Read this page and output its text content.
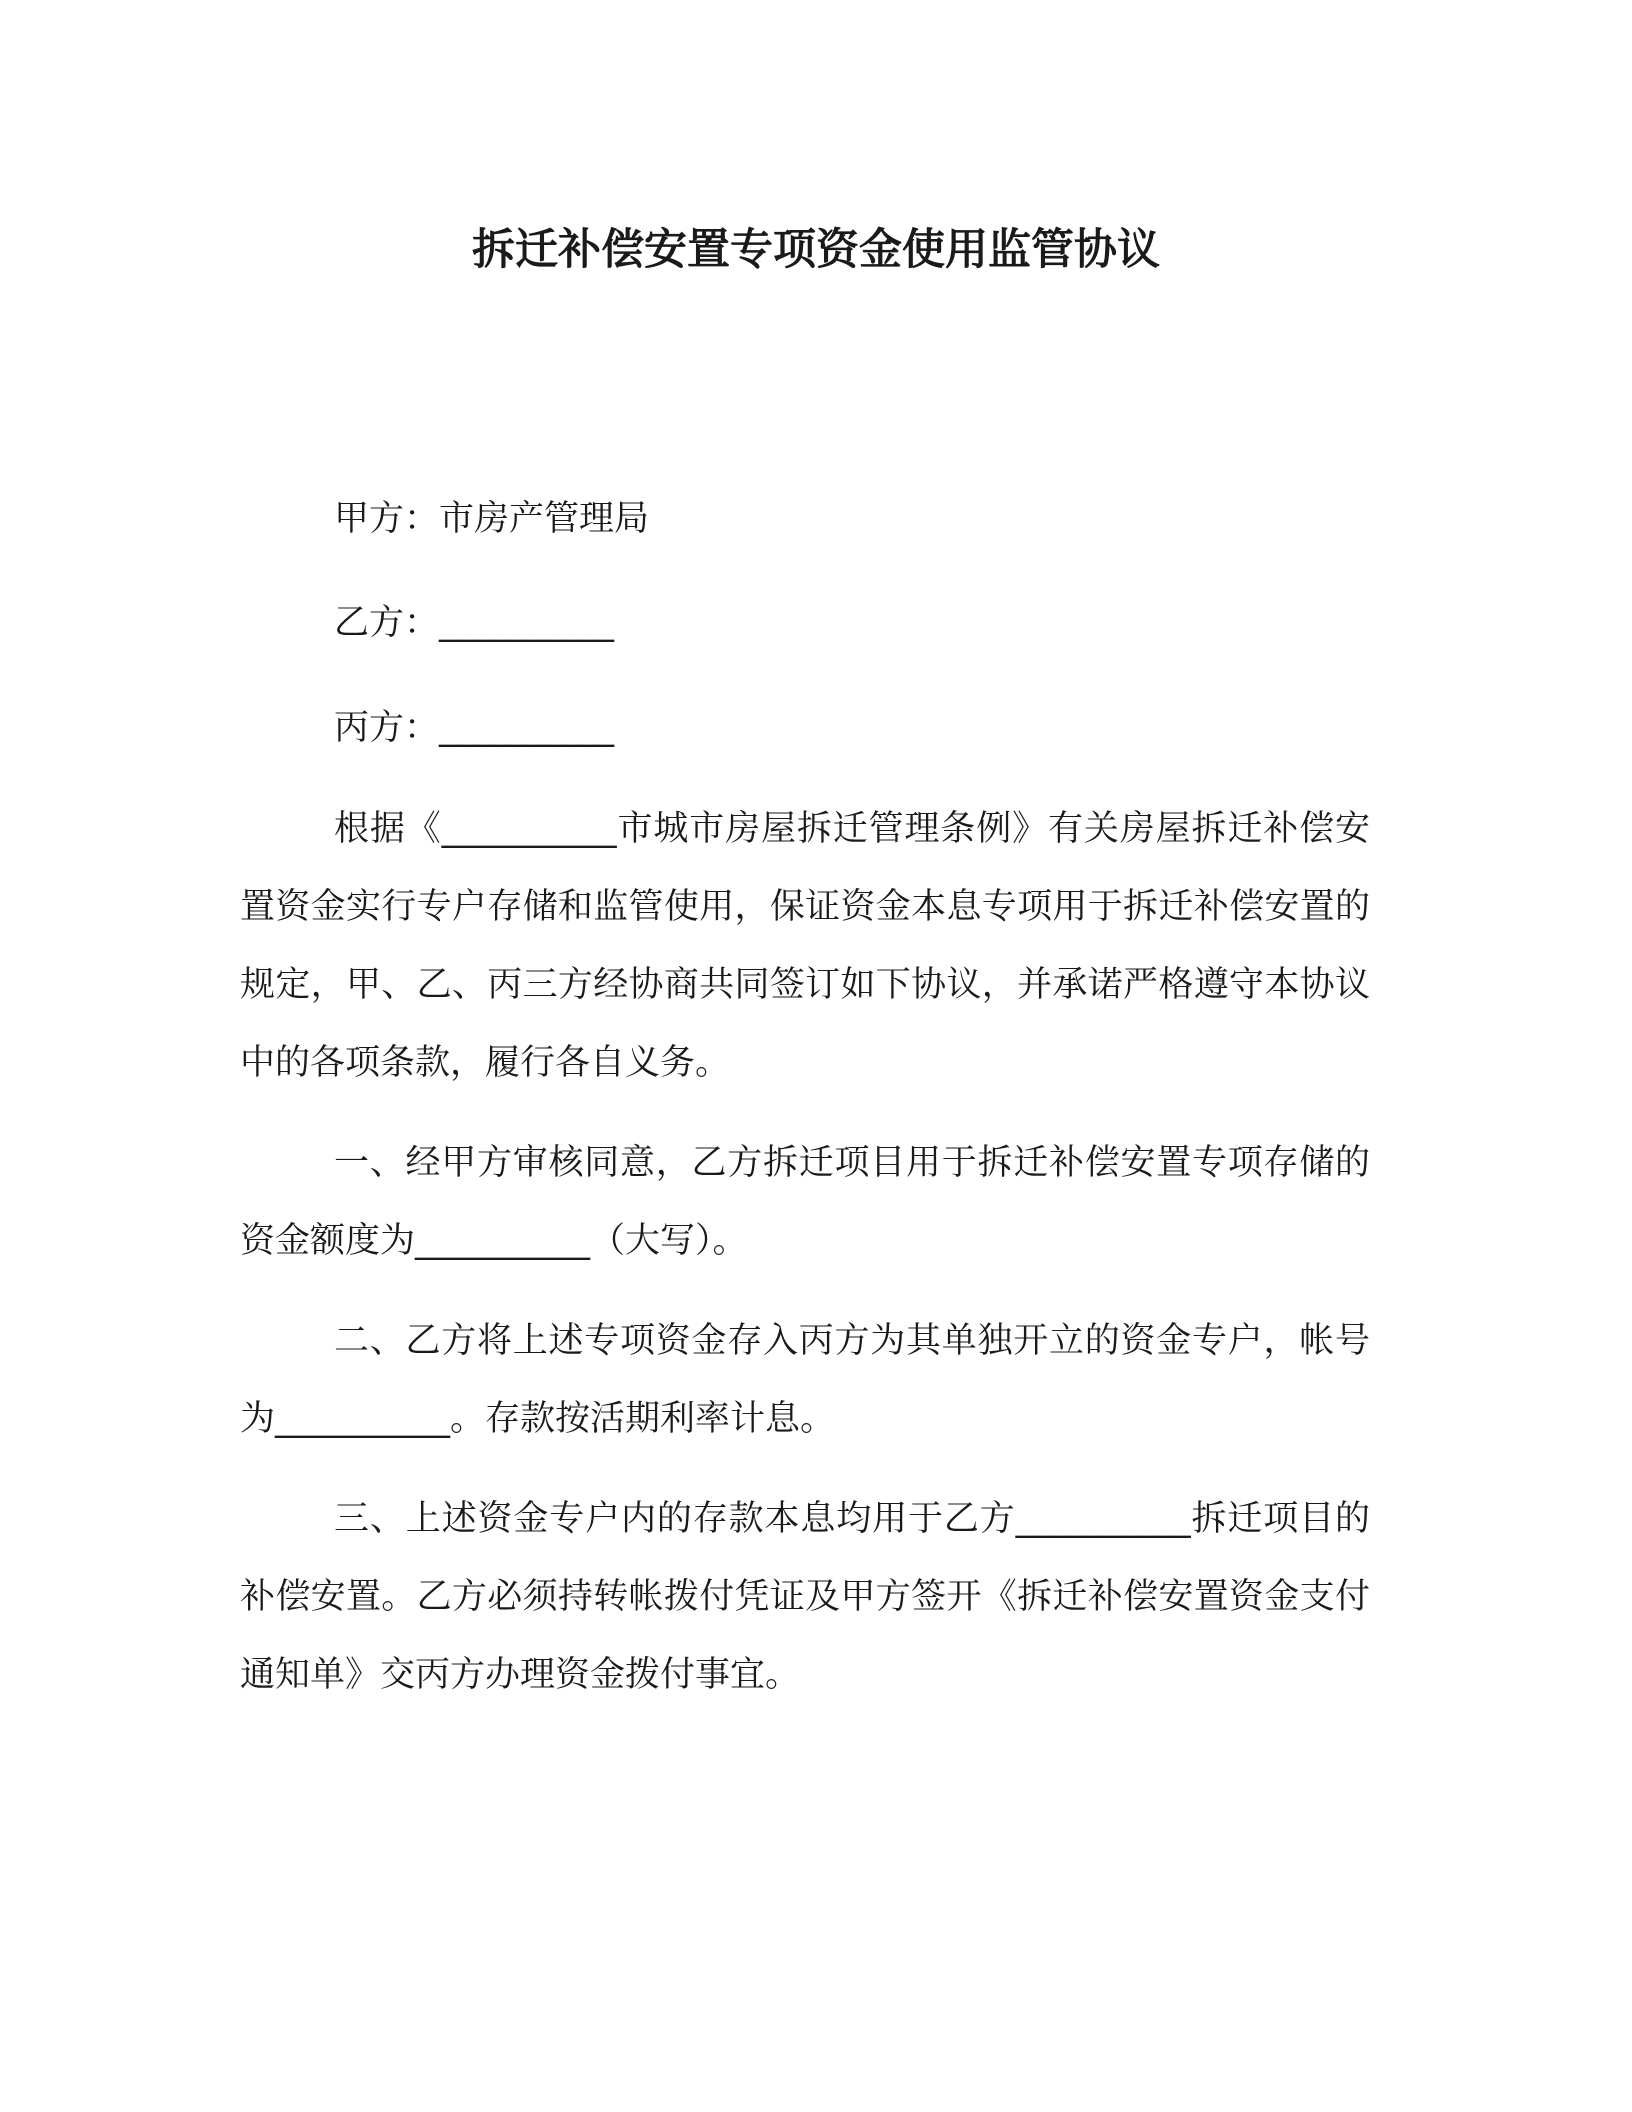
拆迁补偿安置专项资金使用监管协议
甲方：市房产管理局
乙方：__________
丙方：__________
根据《__________市城市房屋拆迁管理条例》有关房屋拆迁补偿安置资金实行专户存储和监管使用，保证资金本息专项用于拆迁补偿安置的规定，甲、乙、丙三方经协商共同签订如下协议，并承诺严格遵守本协议中的各项条款，履行各自义务。
一、经甲方审核同意，乙方拆迁项目用于拆迁补偿安置专项存储的资金额度为__________（大写）。
二、乙方将上述专项资金存入丙方为其单独开立的资金专户，帐号为__________。存款按活期利率计息。
三、上述资金专户内的存款本息均用于乙方__________拆迁项目的补偿安置。乙方必须持转帐拨付凭证及甲方签开《拆迁补偿安置资金支付通知单》交丙方办理资金拨付事宜。
